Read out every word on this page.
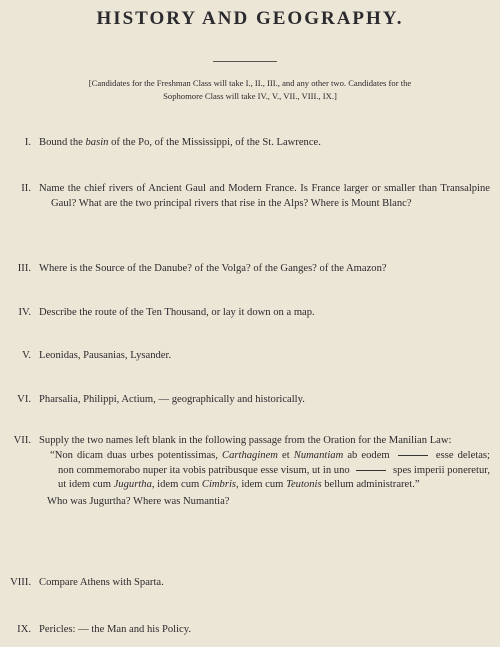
HISTORY AND GEOGRAPHY.
[Candidates for the Freshman Class will take I., II., III., and any other two. Candidates for the
Sophomore Class will take IV., V., VII., VIII., IX.]
I. Bound the basin of the Po, of the Mississippi, of the St. Lawrence.
II. Name the chief rivers of Ancient Gaul and Modern France. Is France larger or smaller than Transalpine Gaul? What are the two principal rivers that rise in the Alps? Where is Mount Blanc?
III. Where is the Source of the Danube? of the Volga? of the Ganges? of the Amazon?
IV. Describe the route of the Ten Thousand, or lay it down on a map.
V. Leonidas, Pausanias, Lysander.
VI. Pharsalia, Philippi, Actium, — geographically and historically.
VII. Supply the two names left blank in the following passage from the Oration for the Manilian Law:
“Non dicam duas urbes potentissimas, Carthaginem et Numantiam ab eodem	esse deletas; non commemorabo nuper ita vobis patribusque esse visum, ut in uno	spes imperii poneretur, ut idem cum Jugurtha, idem cum Cimbris, idem cum Teutonis bellum administraret.”
Who was Jugurtha? Where was Numantia?
VIII. Compare Athens with Sparta.
IX. Pericles: — the Man and his Policy.
